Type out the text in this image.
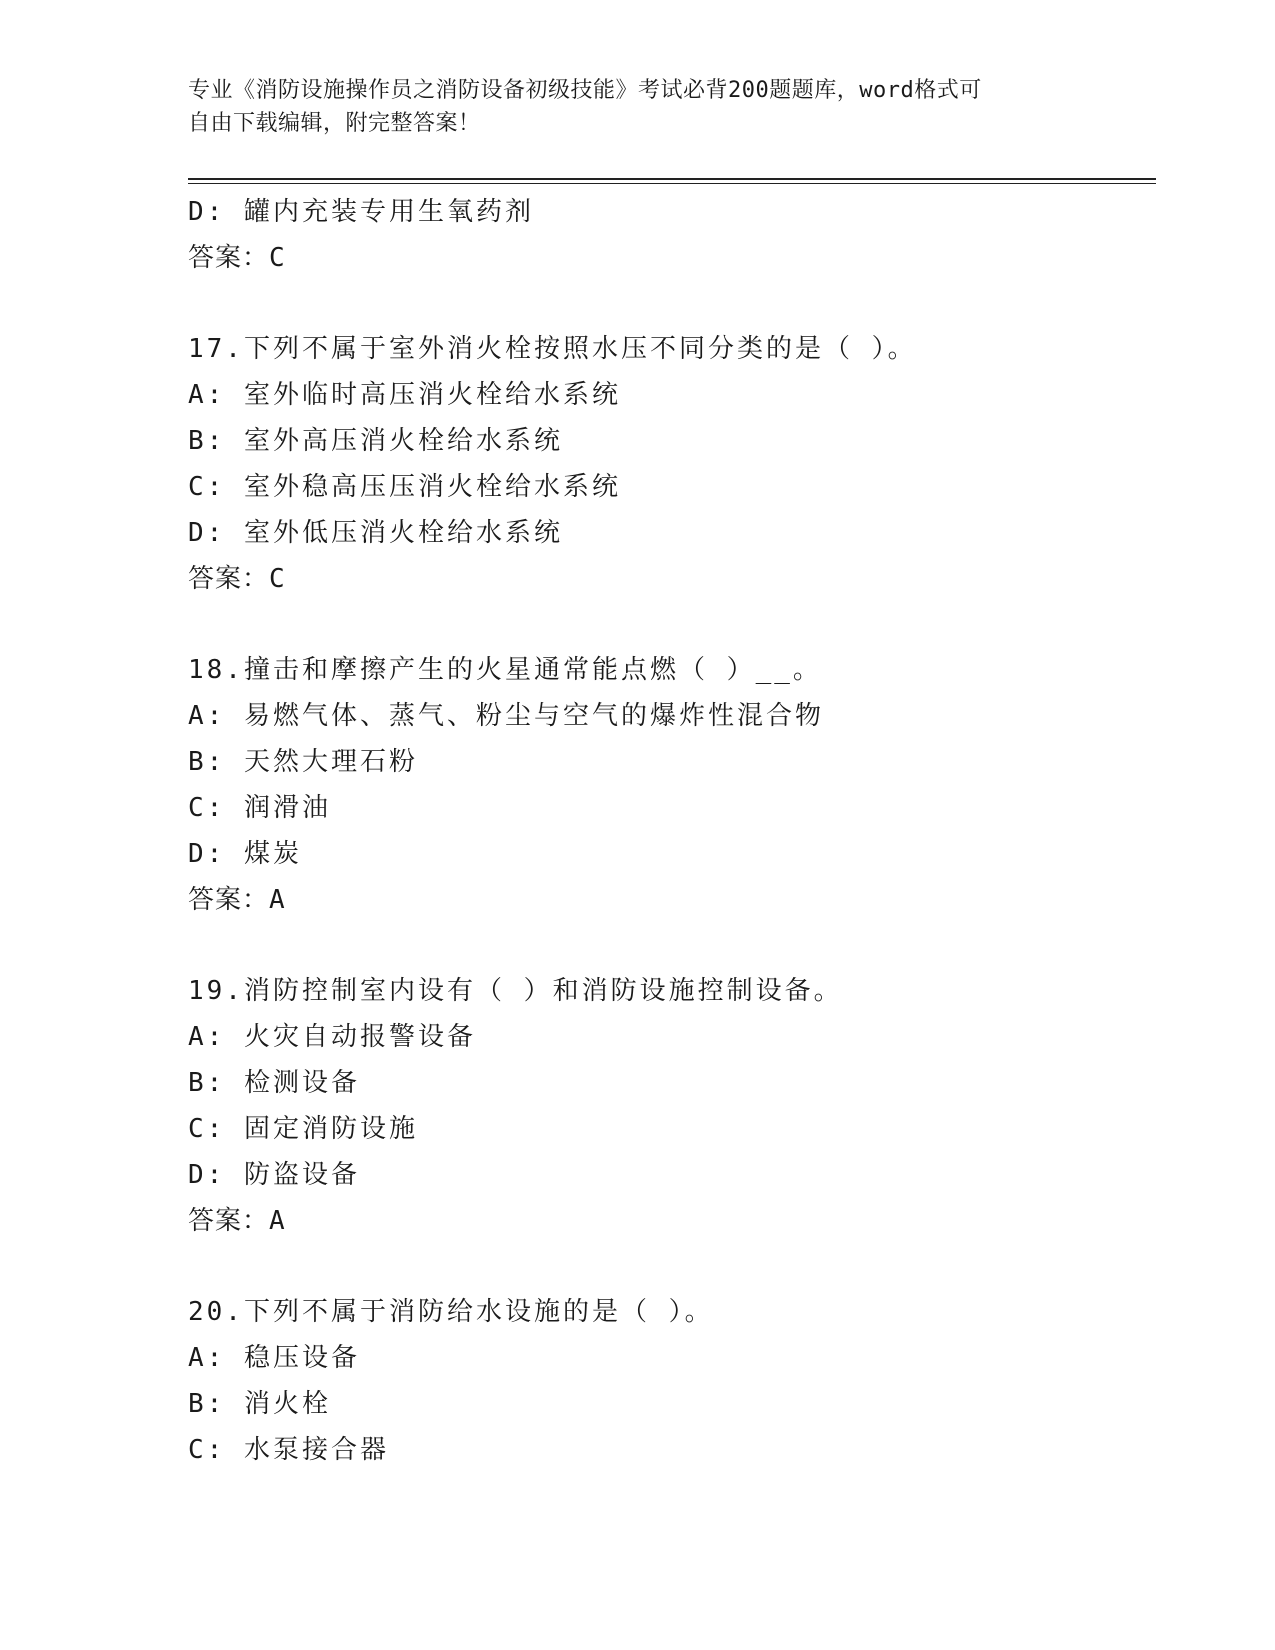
专业《消防设施操作员之消防设备初级技能》考试必背200题题库，word格式可
自由下载编辑，附完整答案！
D: 罐内充装专用生氧药剂
答案：C
17.下列不属于室外消火栓按照水压不同分类的是（ ）。
A: 室外临时高压消火栓给水系统
B: 室外高压消火栓给水系统
C: 室外稳高压压消火栓给水系统
D: 室外低压消火栓给水系统
答案：C
18.撞击和摩擦产生的火星通常能点燃（ ）__。
A: 易燃气体、蒸气、粉尘与空气的爆炸性混合物
B: 天然大理石粉
C: 润滑油
D: 煤炭
答案：A
19.消防控制室内设有（ ）和消防设施控制设备。
A: 火灾自动报警设备
B: 检测设备
C: 固定消防设施
D: 防盗设备
答案：A
20.下列不属于消防给水设施的是（ ）。
A: 稳压设备
B: 消火栓
C: 水泵接合器
